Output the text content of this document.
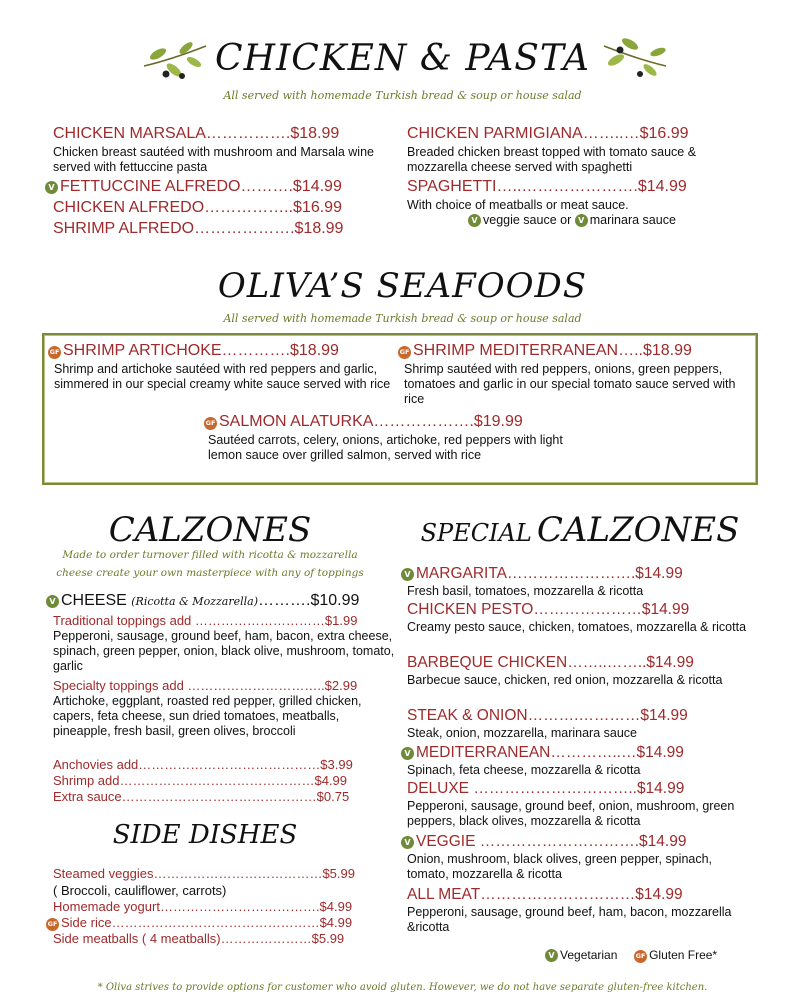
CHICKEN & PASTA
All served with homemade Turkish bread & soup or house salad
CHICKEN MARSALA…………….$18.99
Chicken breast sautéed with mushroom and Marsala wine served with fettuccine pasta
V FETTUCCINE ALFREDO……….$14.99
CHICKEN ALFREDO……………..$16.99
SHRIMP ALFREDO……………….$18.99
CHICKEN PARMIGIANA……..…$16.99
Breaded chicken breast topped with tomato sauce & mozzarella cheese served with spaghetti
SPAGHETTI…..………………….$14.99
With choice of meatballs or meat sauce.
V veggie sauce or V marinara sauce
OLIVA’S SEAFOODS
All served with homemade Turkish bread & soup or house salad
GF SHRIMP ARTICHOKE………….$18.99
Shrimp and artichoke sautéed with red peppers and garlic, simmered in our special creamy white sauce served with rice
GF SHRIMP MEDITERRANEAN…..$18.99
Shrimp sautéed with red peppers, onions, green peppers, tomatoes and garlic in our special tomato sauce served with rice
GF SALMON ALATURKA……………….$19.99
Sautéed carrots, celery, onions, artichoke, red peppers with light lemon sauce over grilled salmon, served with rice
CALZONES
Made to order turnover filled with ricotta & mozzarella
cheese create your own masterpiece with any of toppings
V CHEESE (Ricotta & Mozzarella)……….$10.99
Traditional toppings add …………………………$1.99
Pepperoni, sausage, ground beef, ham, bacon, extra cheese, spinach, green pepper, onion, black olive, mushroom, tomato, garlic
Specialty toppings add …………………………..$2.99
Artichoke, eggplant, roasted red pepper, grilled chicken, capers, feta cheese, sun dried tomatoes, meatballs, pineapple, fresh basil, green olives, broccoli
Anchovies add……………………………………$3.99
Shrimp add………………………………………$4.99
Extra sauce………………………………………$0.75
SIDE DISHES
Steamed veggies…………………………………$5.99
( Broccoli, cauliflower, carrots)
Homemade yogurt……………………………….$4.99
GF Side rice…………………………………………$4.99
Side meatballs ( 4 meatballs)…………………$5.99
SPECIAL CALZONES
V MARGARITA…………………….$14.99
Fresh basil, tomatoes, mozzarella & ricotta
CHICKEN PESTO…………………$14.99
Creamy pesto sauce, chicken, tomatoes, mozzarella & ricotta
BARBEQUE CHICKEN……..……..$14.99
Barbecue sauce, chicken, red onion, mozzarella & ricotta
STEAK & ONION……….…………$14.99
Steak, onion, mozzarella, marinara sauce
V MEDITERRANEAN…………..…$14.99
Spinach, feta cheese, mozzarella & ricotta
DELUXE …………………………..$14.99
Pepperoni, sausage, ground beef, onion, mushroom, green peppers, black olives, mozzarella & ricotta
V VEGGIE ………………………….$14.99
Onion, mushroom, black olives, green pepper, spinach, tomato, mozzarella & ricotta
ALL MEAT…………………………$14.99
Pepperoni, sausage, ground beef, ham, bacon, mozzarella &ricotta
V Vegetarian	GF Gluten Free*
* Oliva strives to provide options for customer who avoid gluten. However, we do not have separate gluten-free kitchen.
